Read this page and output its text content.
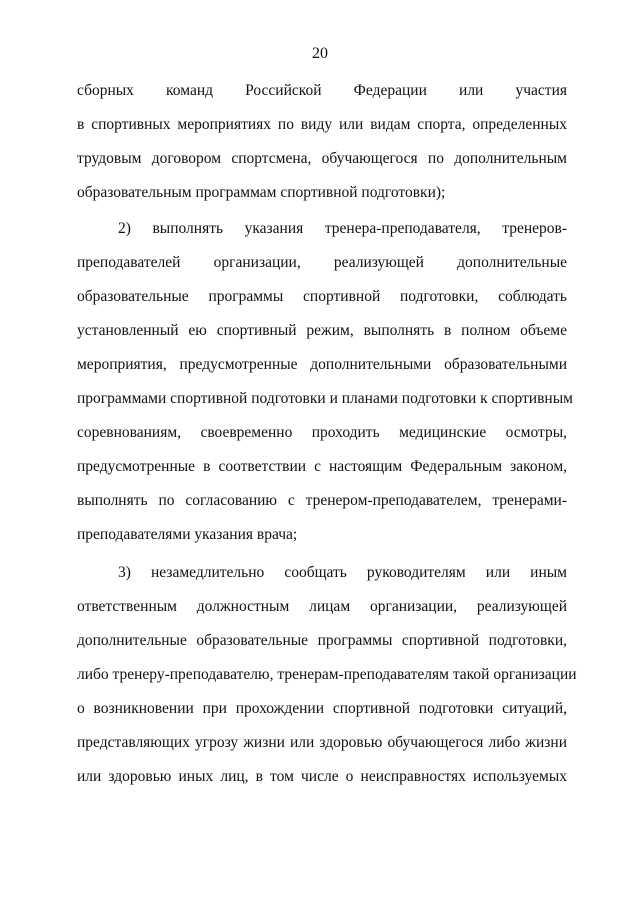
20
сборных команд Российской Федерации или участия
в спортивных мероприятиях по виду или видам спорта, определенных
трудовым договором спортсмена, обучающегося по дополнительным
образовательным программам спортивной подготовки);
2) выполнять указания тренера-преподавателя, тренеров-
преподавателей организации, реализующей дополнительные
образовательные программы спортивной подготовки, соблюдать
установленный ею спортивный режим, выполнять в полном объеме
мероприятия, предусмотренные дополнительными образовательными
программами спортивной подготовки и планами подготовки к спортивным
соревнованиям, своевременно проходить медицинские осмотры,
предусмотренные в соответствии с настоящим Федеральным законом,
выполнять по согласованию с тренером-преподавателем, тренерами-
преподавателями указания врача;
3) незамедлительно сообщать руководителям или иным
ответственным должностным лицам организации, реализующей
дополнительные образовательные программы спортивной подготовки,
либо тренеру-преподавателю, тренерам-преподавателям такой организации
о возникновении при прохождении спортивной подготовки ситуаций,
представляющих угрозу жизни или здоровью обучающегося либо жизни
или здоровью иных лиц, в том числе о неисправностях используемых
